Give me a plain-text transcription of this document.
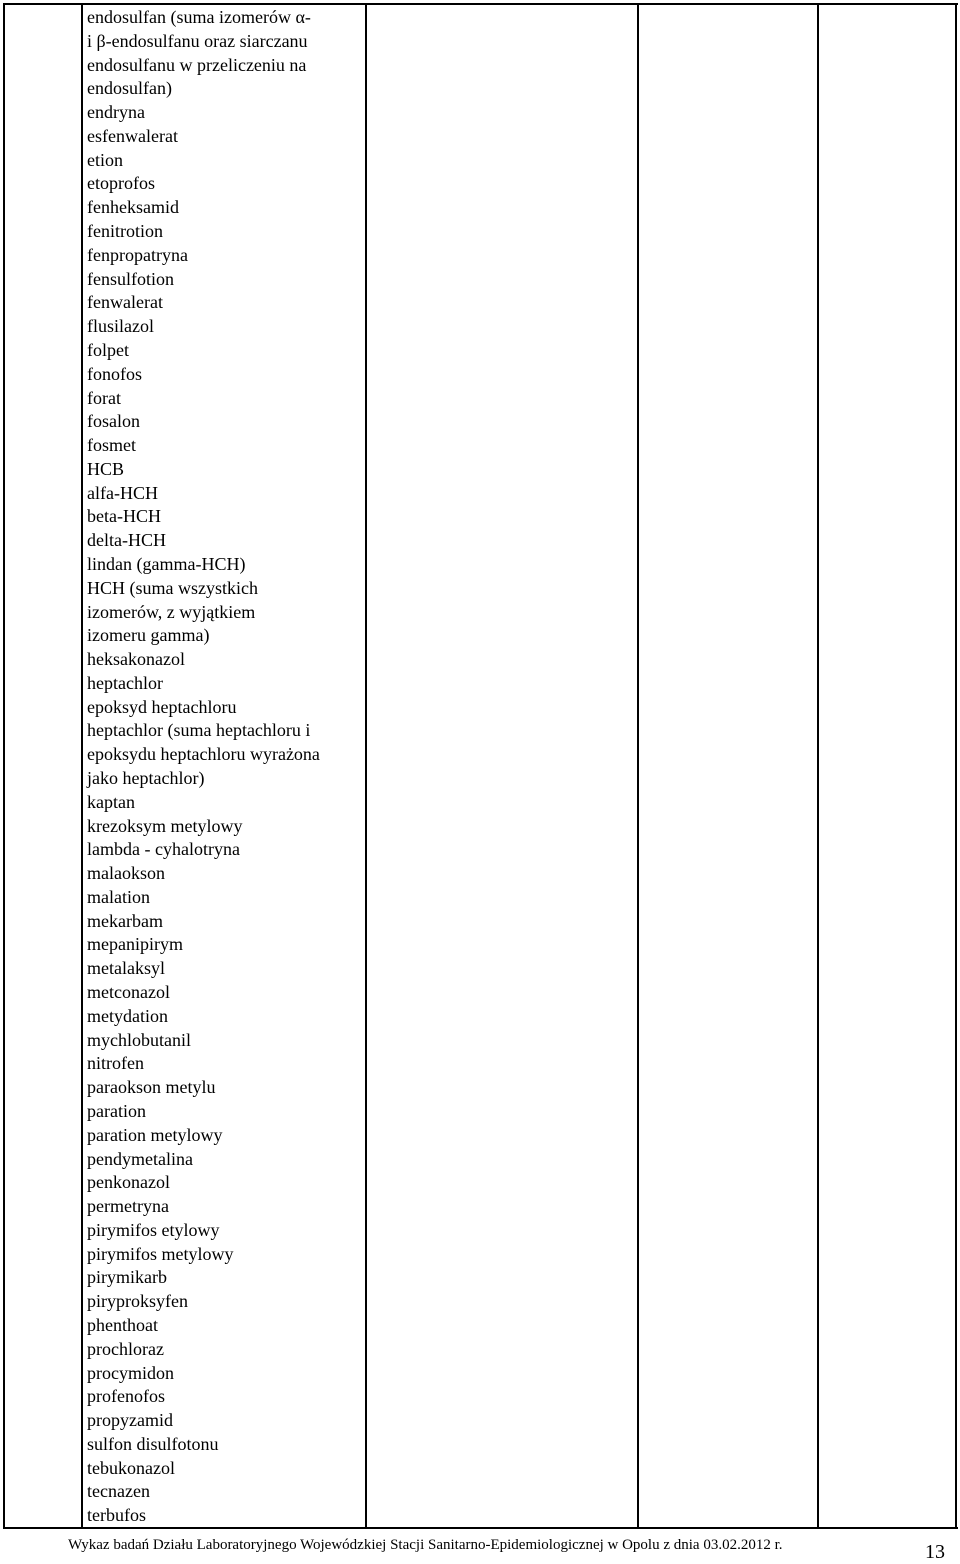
endosulfan (suma izomerów α-
i β-endosulfanu oraz siarczanu
endosulfanu w przeliczeniu na
endosulfan)
endryna
esfenwalerat
etion
etoprofos
fenheksamid
fenitrotion
fenpropatryna
fensulfotion
fenwalerat
flusilazol
folpet
fonofos
forat
fosalon
fosmet
HCB
alfa-HCH
beta-HCH
delta-HCH
lindan (gamma-HCH)
HCH (suma wszystkich
izomerów, z wyjątkiem
izomeru gamma)
heksakonazol
heptachlor
epoksyd heptachloru
heptachlor (suma heptachloru i
epoksydu heptachloru wyrażona
jako heptachlor)
kaptan
krezoksym metylowy
lambda - cyhalotryna
malaokson
malation
mekarbam
mepanipirym
metalaksyl
metconazol
metydation
mychlobutanil
nitrofen
paraokson metylu
paration
paration metylowy
pendymetalina
penkonazol
permetryna
pirymifos etylowy
pirymifos metylowy
pirymikarb
piryproksyfen
phenthoat
prochloraz
procymidon
profenofos
propyzamid
sulfon disulfotonu
tebukonazol
tecnazen
terbufos
Wykaz badań Działu Laboratoryjnego Wojewódzkiej Stacji Sanitarno-Epidemiologicznej w Opolu z dnia 03.02.2012 r.	13
